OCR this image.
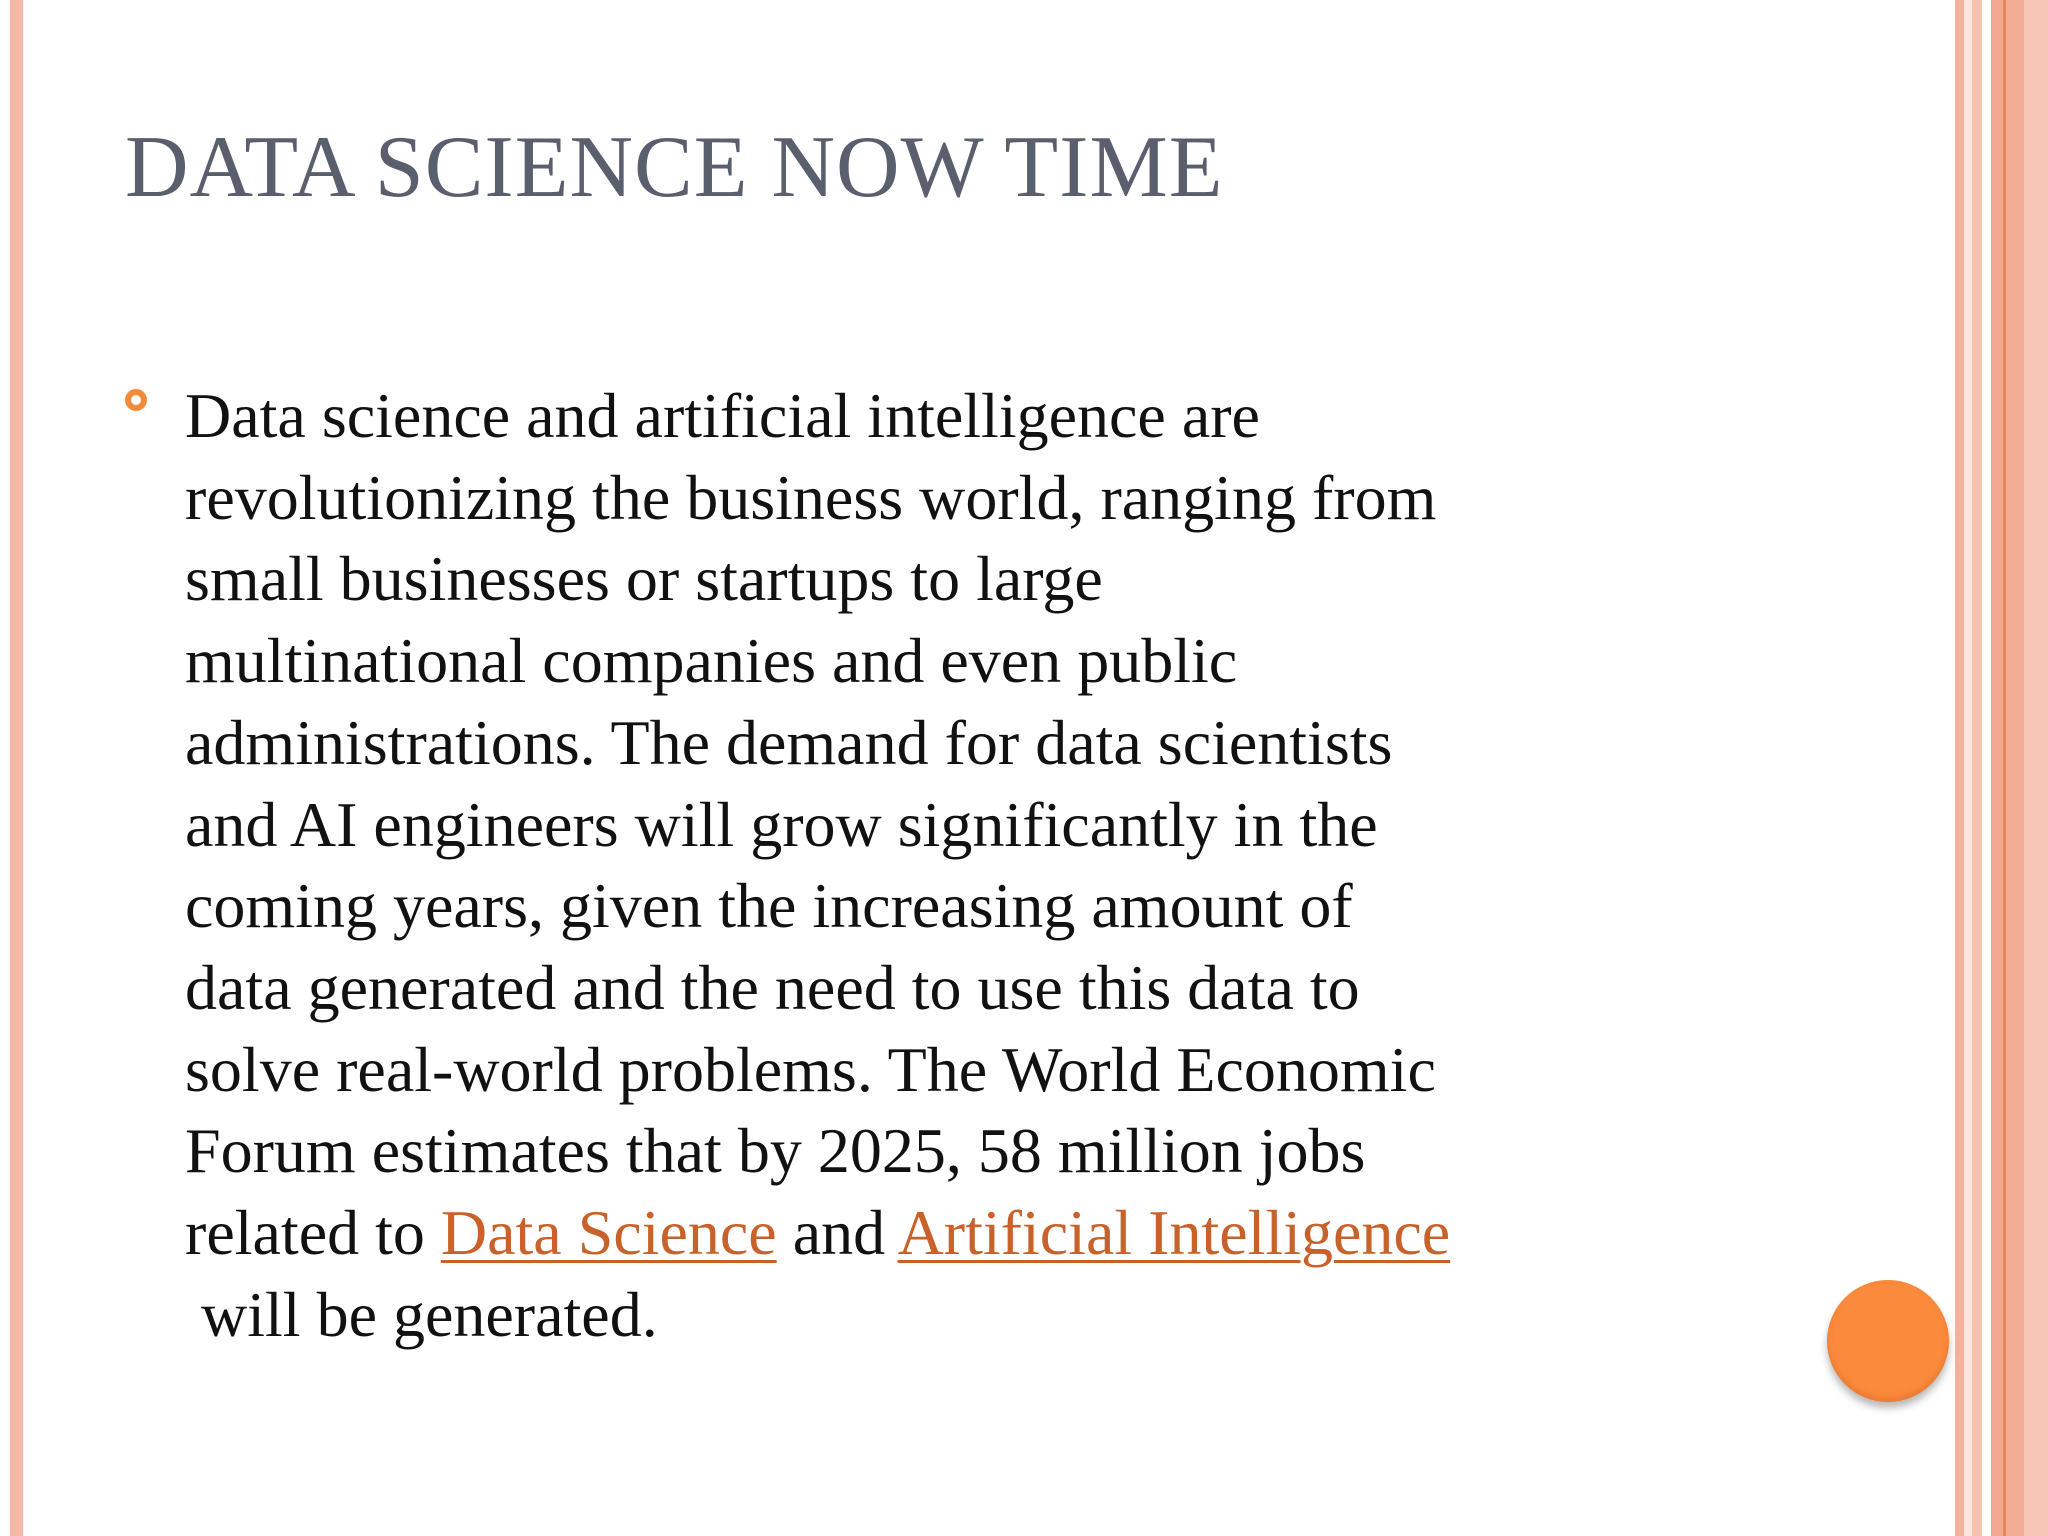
DATA SCIENCE NOW TIME
Data science and artificial intelligence are
revolutionizing the business world, ranging from
small businesses or startups to large
multinational companies and even public
administrations. The demand for data scientists
and AI engineers will grow significantly in the
coming years, given the increasing amount of
data generated and the need to use this data to
solve real-world problems. The World Economic
Forum estimates that by 2025, 58 million jobs
related to Data Science and Artificial Intelligence
will be generated.
